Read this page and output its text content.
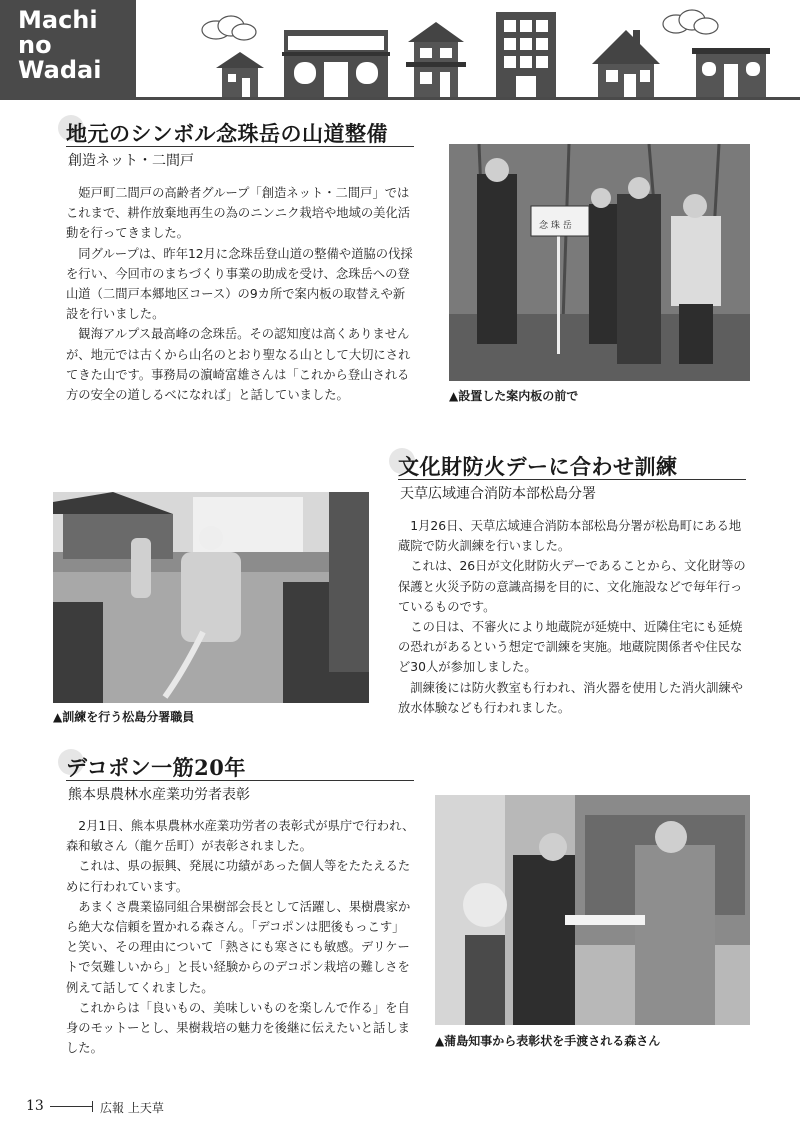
Machi
no
Wadai
地元のシンボル念珠岳の山道整備
創造ネット・二間戸

姫戸町二間戸の高齢者グループ「創造ネット・二間戸」ではこれまで、耕作放棄地再生の為のニンニク栽培や地域の美化活動を行ってきました。

同グループは、昨年12月に念珠岳登山道の整備や道脇の伐採を行い、今回市のまちづくり事業の助成を受け、念珠岳への登山道（二間戸本郷地区コース）の9カ所で案内板の取替えや新設を行いました。

観海アルプス最高峰の念珠岳。その認知度は高くありませんが、地元では古くから山名のとおり聖なる山として大切にされてきた山です。事務局の濵崎富雄さんは「これから登山される方の安全の道しるべになれば」と話していました。

念 珠 岳
▲設置した案内板の前で
文化財防火デーに合わせ訓練
天草広域連合消防本部松島分署

1月26日、天草広域連合消防本部松島分署が松島町にある地蔵院で防火訓練を行いました。

これは、26日が文化財防火デーであることから、文化財等の保護と火災予防の意識高揚を目的に、文化施設などで毎年行っているものです。

この日は、不審火により地蔵院が延焼中、近隣住宅にも延焼の恐れがあるという想定で訓練を実施。地蔵院関係者や住民など30人が参加しました。

訓練後には防火教室も行われ、消火器を使用した消火訓練や放水体験なども行われました。

▲訓練を行う松島分署職員
デコポン一筋20年
熊本県農林水産業功労者表彰

2月1日、熊本県農林水産業功労者の表彰式が県庁で行われ、森和敏さん（龍ケ岳町）が表彰されました。

これは、県の振興、発展に功績があった個人等をたたえるために行われています。

あまくさ農業協同組合果樹部会長として活躍し、果樹農家から絶大な信頼を置かれる森さん。「デコポンは肥後もっこす」と笑い、その理由について「熱さにも寒さにも敏感。デリケートで気難しいから」と長い経験からのデコポン栽培の難しさを例えて話してくれました。

これからは「良いもの、美味しいものを楽しんで作る」を自身のモットーとし、果樹栽培の魅力を後継に伝えたいと話しました。

▲蒲島知事から表彰状を手渡される森さん
13	広報 上天草
